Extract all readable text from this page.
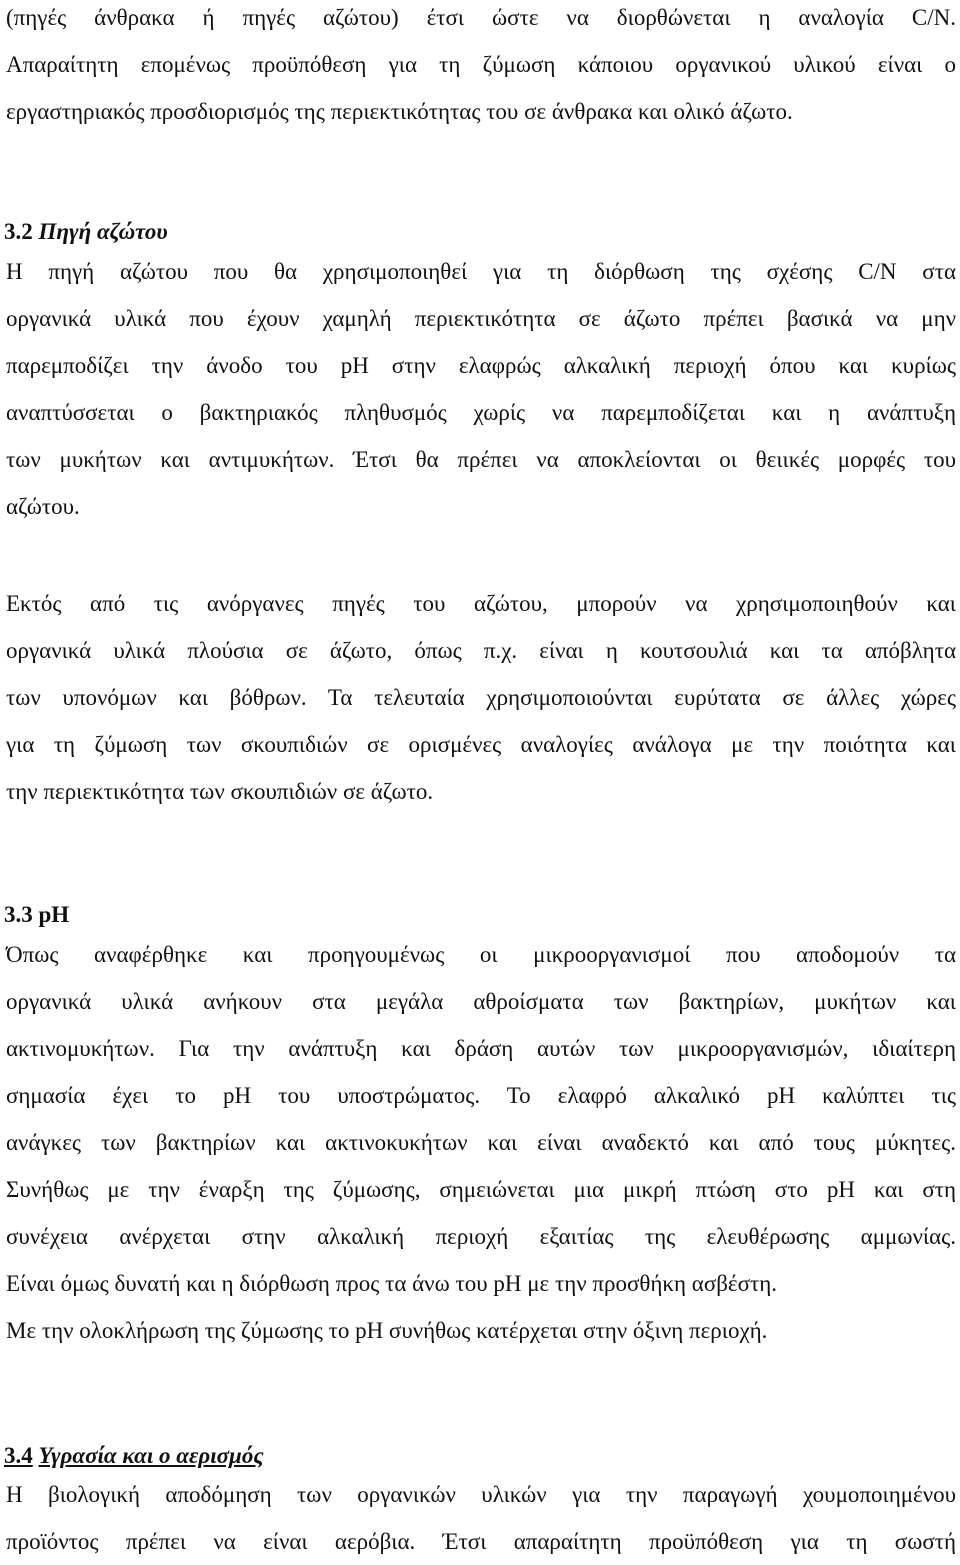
(πηγές άνθρακα ή πηγές αζώτου) έτσι ώστε να διορθώνεται η αναλογία C/N.
Απαραίτητη επομένως προϋπόθεση για τη ζύμωση κάποιου οργανικού υλικού είναι ο
εργαστηριακός προσδιορισμός της περιεκτικότητας του σε άνθρακα και ολικό άζωτο.
3.2 Πηγή αζώτου
Η πηγή αζώτου που θα χρησιμοποιηθεί για τη διόρθωση της σχέσης C/N στα
οργανικά υλικά που έχουν χαμηλή περιεκτικότητα σε άζωτο πρέπει βασικά να μην
παρεμποδίζει την άνοδο του pH στην ελαφρώς αλκαλική περιοχή όπου και κυρίως
αναπτύσσεται ο βακτηριακός πληθυσμός χωρίς να παρεμποδίζεται και η ανάπτυξη
των μυκήτων και αντιμυκήτων. Έτσι θα πρέπει να αποκλείονται οι θειικές μορφές του
αζώτου.
Εκτός από τις ανόργανες πηγές του αζώτου, μπορούν να χρησιμοποιηθούν και
οργανικά υλικά πλούσια σε άζωτο, όπως π.χ. είναι η κουτσουλιά και τα απόβλητα
των υπονόμων και βόθρων. Τα τελευταία χρησιμοποιούνται ευρύτατα σε άλλες χώρες
για τη ζύμωση των σκουπιδιών σε ορισμένες αναλογίες ανάλογα με την ποιότητα και
την περιεκτικότητα των σκουπιδιών σε άζωτο.
3.3 pH
Όπως αναφέρθηκε και προηγουμένως οι μικροοργανισμοί που αποδομούν τα
οργανικά υλικά ανήκουν στα μεγάλα αθροίσματα των βακτηρίων, μυκήτων και
ακτινομυκήτων. Για την ανάπτυξη και δράση αυτών των μικροοργανισμών, ιδιαίτερη
σημασία έχει το pH του υποστρώματος. Το ελαφρό αλκαλικό pH καλύπτει τις
ανάγκες των βακτηρίων και ακτινοκυκήτων και είναι αναδεκτό και από τους μύκητες.
Συνήθως με την έναρξη της ζύμωσης, σημειώνεται μια μικρή πτώση στο pH και στη
συνέχεια ανέρχεται στην αλκαλική περιοχή εξαιτίας της ελευθέρωσης αμμωνίας.
Είναι όμως δυνατή και η διόρθωση προς τα άνω του pH με την προσθήκη ασβέστη.
Με την ολοκλήρωση της ζύμωσης το pH συνήθως κατέρχεται στην όξινη περιοχή.
3.4 Υγρασία και ο αερισμός
Η βιολογική αποδόμηση των οργανικών υλικών για την παραγωγή χουμοποιημένου
προϊόντος πρέπει να είναι αερόβια. Έτσι απαραίτητη προϋπόθεση για τη σωστή
